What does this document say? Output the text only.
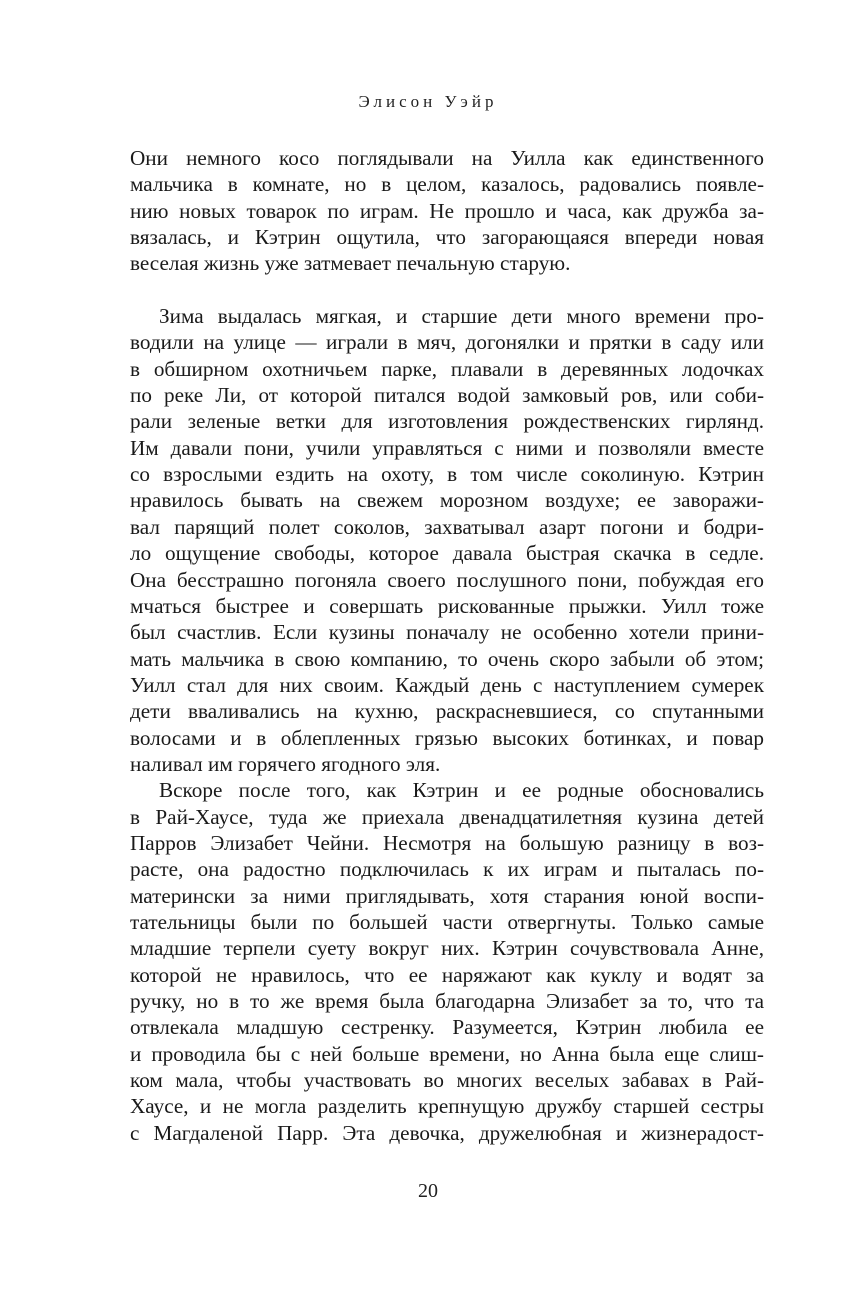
Элисон Уэйр
Они немного косо поглядывали на Уилла как единственного
мальчика в комнате, но в целом, казалось, радовались появле-
нию новых товарок по играм. Не прошло и часа, как дружба за-
вязалась, и Кэтрин ощутила, что загорающаяся впереди новая
веселая жизнь уже затмевает печальную старую.
Зима выдалась мягкая, и старшие дети много времени про-
водили на улице — играли в мяч, догонялки и прятки в саду или
в обширном охотничьем парке, плавали в деревянных лодочках
по реке Ли, от которой питался водой замковый ров, или соби-
рали зеленые ветки для изготовления рождественских гирлянд.
Им давали пони, учили управляться с ними и позволяли вместе
со взрослыми ездить на охоту, в том числе соколиную. Кэтрин
нравилось бывать на свежем морозном воздухе; ее заворажи-
вал парящий полет соколов, захватывал азарт погони и бодри-
ло ощущение свободы, которое давала быстрая скачка в седле.
Она бесстрашно погоняла своего послушного пони, побуждая его
мчаться быстрее и совершать рискованные прыжки. Уилл тоже
был счастлив. Если кузины поначалу не особенно хотели прини-
мать мальчика в свою компанию, то очень скоро забыли об этом;
Уилл стал для них своим. Каждый день с наступлением сумерек
дети вваливались на кухню, раскрасневшиеся, со спутанными
волосами и в облепленных грязью высоких ботинках, и повар
наливал им горячего ягодного эля.
Вскоре после того, как Кэтрин и ее родные обосновались
в Рай-Хаусе, туда же приехала двенадцатилетняя кузина детей
Парров Элизабет Чейни. Несмотря на большую разницу в воз-
расте, она радостно подключилась к их играм и пыталась по-
матерински за ними приглядывать, хотя старания юной воспи-
тательницы были по большей части отвергнуты. Только самые
младшие терпели суету вокруг них. Кэтрин сочувствовала Анне,
которой не нравилось, что ее наряжают как куклу и водят за
ручку, но в то же время была благодарна Элизабет за то, что та
отвлекала младшую сестренку. Разумеется, Кэтрин любила ее
и проводила бы с ней больше времени, но Анна была еще слиш-
ком мала, чтобы участвовать во многих веселых забавах в Рай-
Хаусе, и не могла разделить крепнущую дружбу старшей сестры
с Магдаленой Парр. Эта девочка, дружелюбная и жизнерадост-
20
